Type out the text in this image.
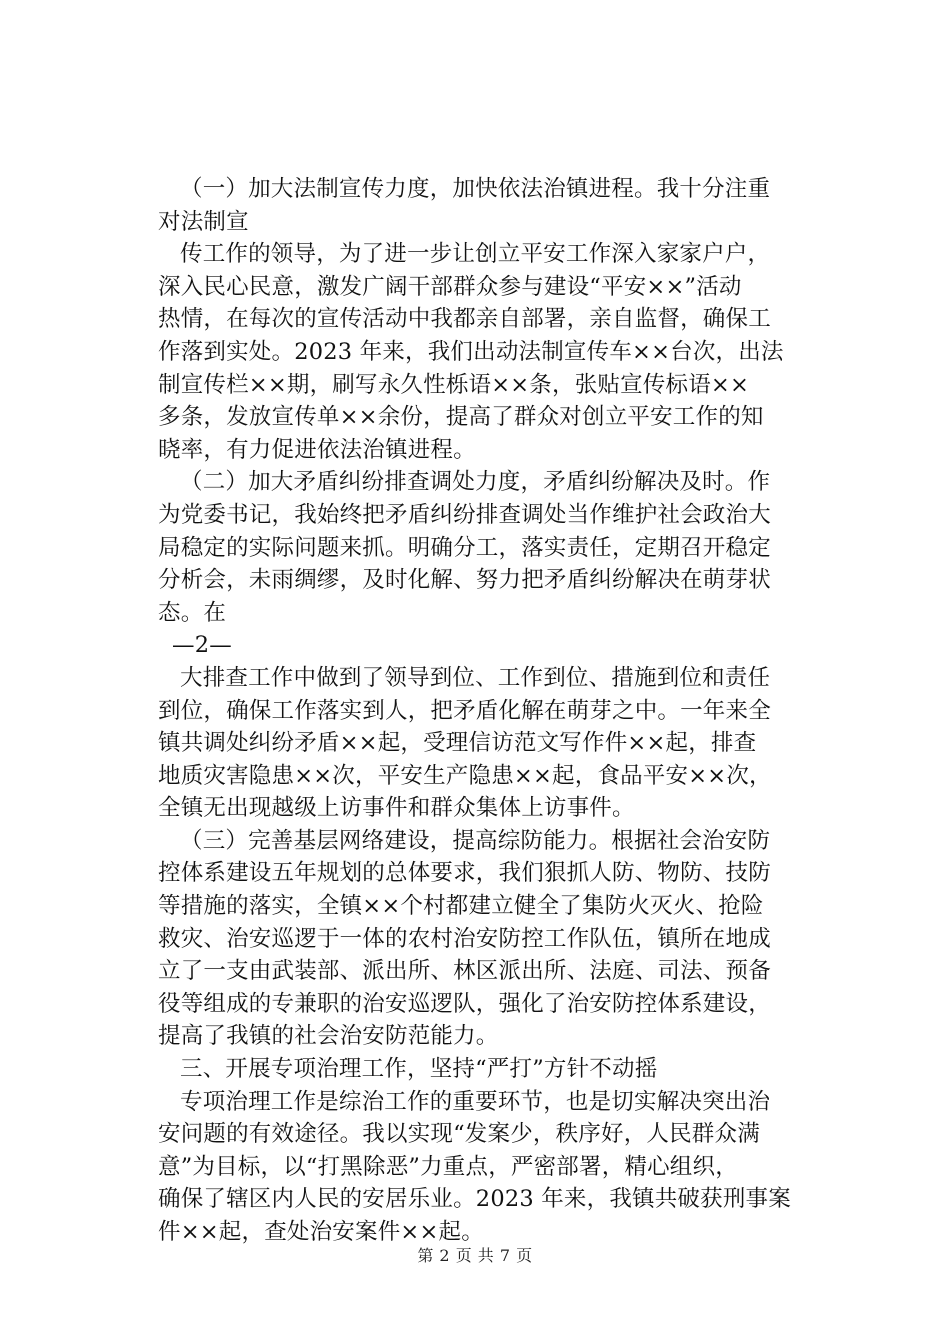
（一）加大法制宣传力度，加快依法治镇进程。我十分注重
对法制宣
传工作的领导，为了进一步让创立平安工作深入家家户户，
深入民心民意，激发广阔干部群众参与建设“平安××”活动
热情，在每次的宣传活动中我都亲自部署，亲自监督，确保工
作落到实处。2023 年来，我们出动法制宣传车××台次，出法
制宣传栏××期，刷写永久性栎语××条，张贴宣传标语××
多条，发放宣传单××余份，提高了群众对创立平安工作的知
晓率，有力促进依法治镇进程。
（二）加大矛盾纠纷排查调处力度，矛盾纠纷解决及时。作
为党委书记，我始终把矛盾纠纷排查调处当作维护社会政治大
局稳定的实际问题来抓。明确分工，落实责任，定期召开稳定
分析会，未雨绸缪，及时化解、努力把矛盾纠纷解决在萌芽状
态。在
—2—
大排查工作中做到了领导到位、工作到位、措施到位和责任
到位，确保工作落实到人，把矛盾化解在萌芽之中。一年来全
镇共调处纠纷矛盾××起，受理信访范文写作件××起，排查
地质灾害隐患××次，平安生产隐患××起，食品平安××次，
全镇无出现越级上访事件和群众集体上访事件。
（三）完善基层网络建设，提高综防能力。根据社会治安防
控体系建设五年规划的总体要求，我们狠抓人防、物防、技防
等措施的落实，全镇××个村都建立健全了集防火灭火、抢险
救灾、治安巡逻于一体的农村治安防控工作队伍，镇所在地成
立了一支由武装部、派出所、林区派出所、法庭、司法、预备
役等组成的专兼职的治安巡逻队，强化了治安防控体系建设，
提高了我镇的社会治安防范能力。
三、开展专项治理工作，坚持“严打”方针不动摇
专项治理工作是综治工作的重要环节，也是切实解决突出治
安问题的有效途径。我以实现“发案少，秩序好，人民群众满
意”为目标，以“打黑除恶”力重点，严密部署，精心组织，
确保了辖区内人民的安居乐业。2023 年来，我镇共破获刑事案
件××起，查处治安案件××起。
第 2 页 共 7 页
